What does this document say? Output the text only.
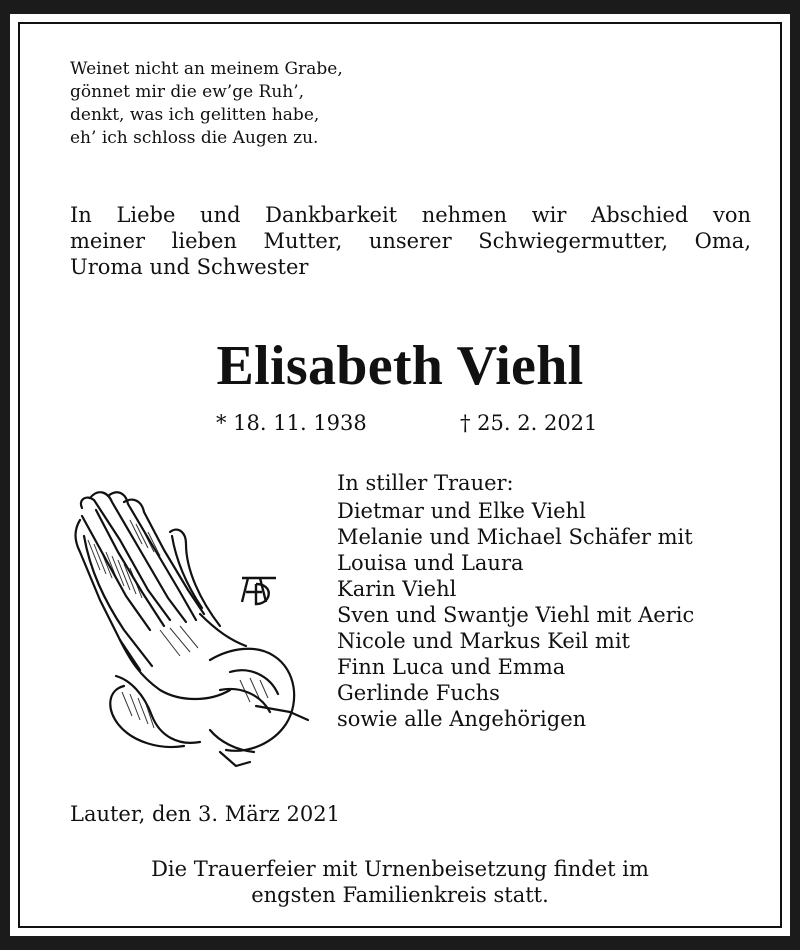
Weinet nicht an meinem Grabe,
gönnet mir die ew’ge Ruh’,
denkt, was ich gelitten habe,
eh’ ich schloss die Augen zu.
In Liebe und Dankbarkeit nehmen wir Abschied von
meiner lieben Mutter, unserer Schwiegermutter, Oma,
Uroma und Schwester
Elisabeth Viehl
* 18. 11. 1938	† 25. 2. 2021
In stiller Trauer:
Dietmar und Elke Viehl
Melanie und Michael Schäfer mit
Louisa und Laura
Karin Viehl
Sven und Swantje Viehl mit Aeric
Nicole und Markus Keil mit
Finn Luca und Emma
Gerlinde Fuchs
sowie alle Angehörigen
Lauter, den 3. März 2021
Die Trauerfeier mit Urnenbeisetzung findet im
engsten Familienkreis statt.
